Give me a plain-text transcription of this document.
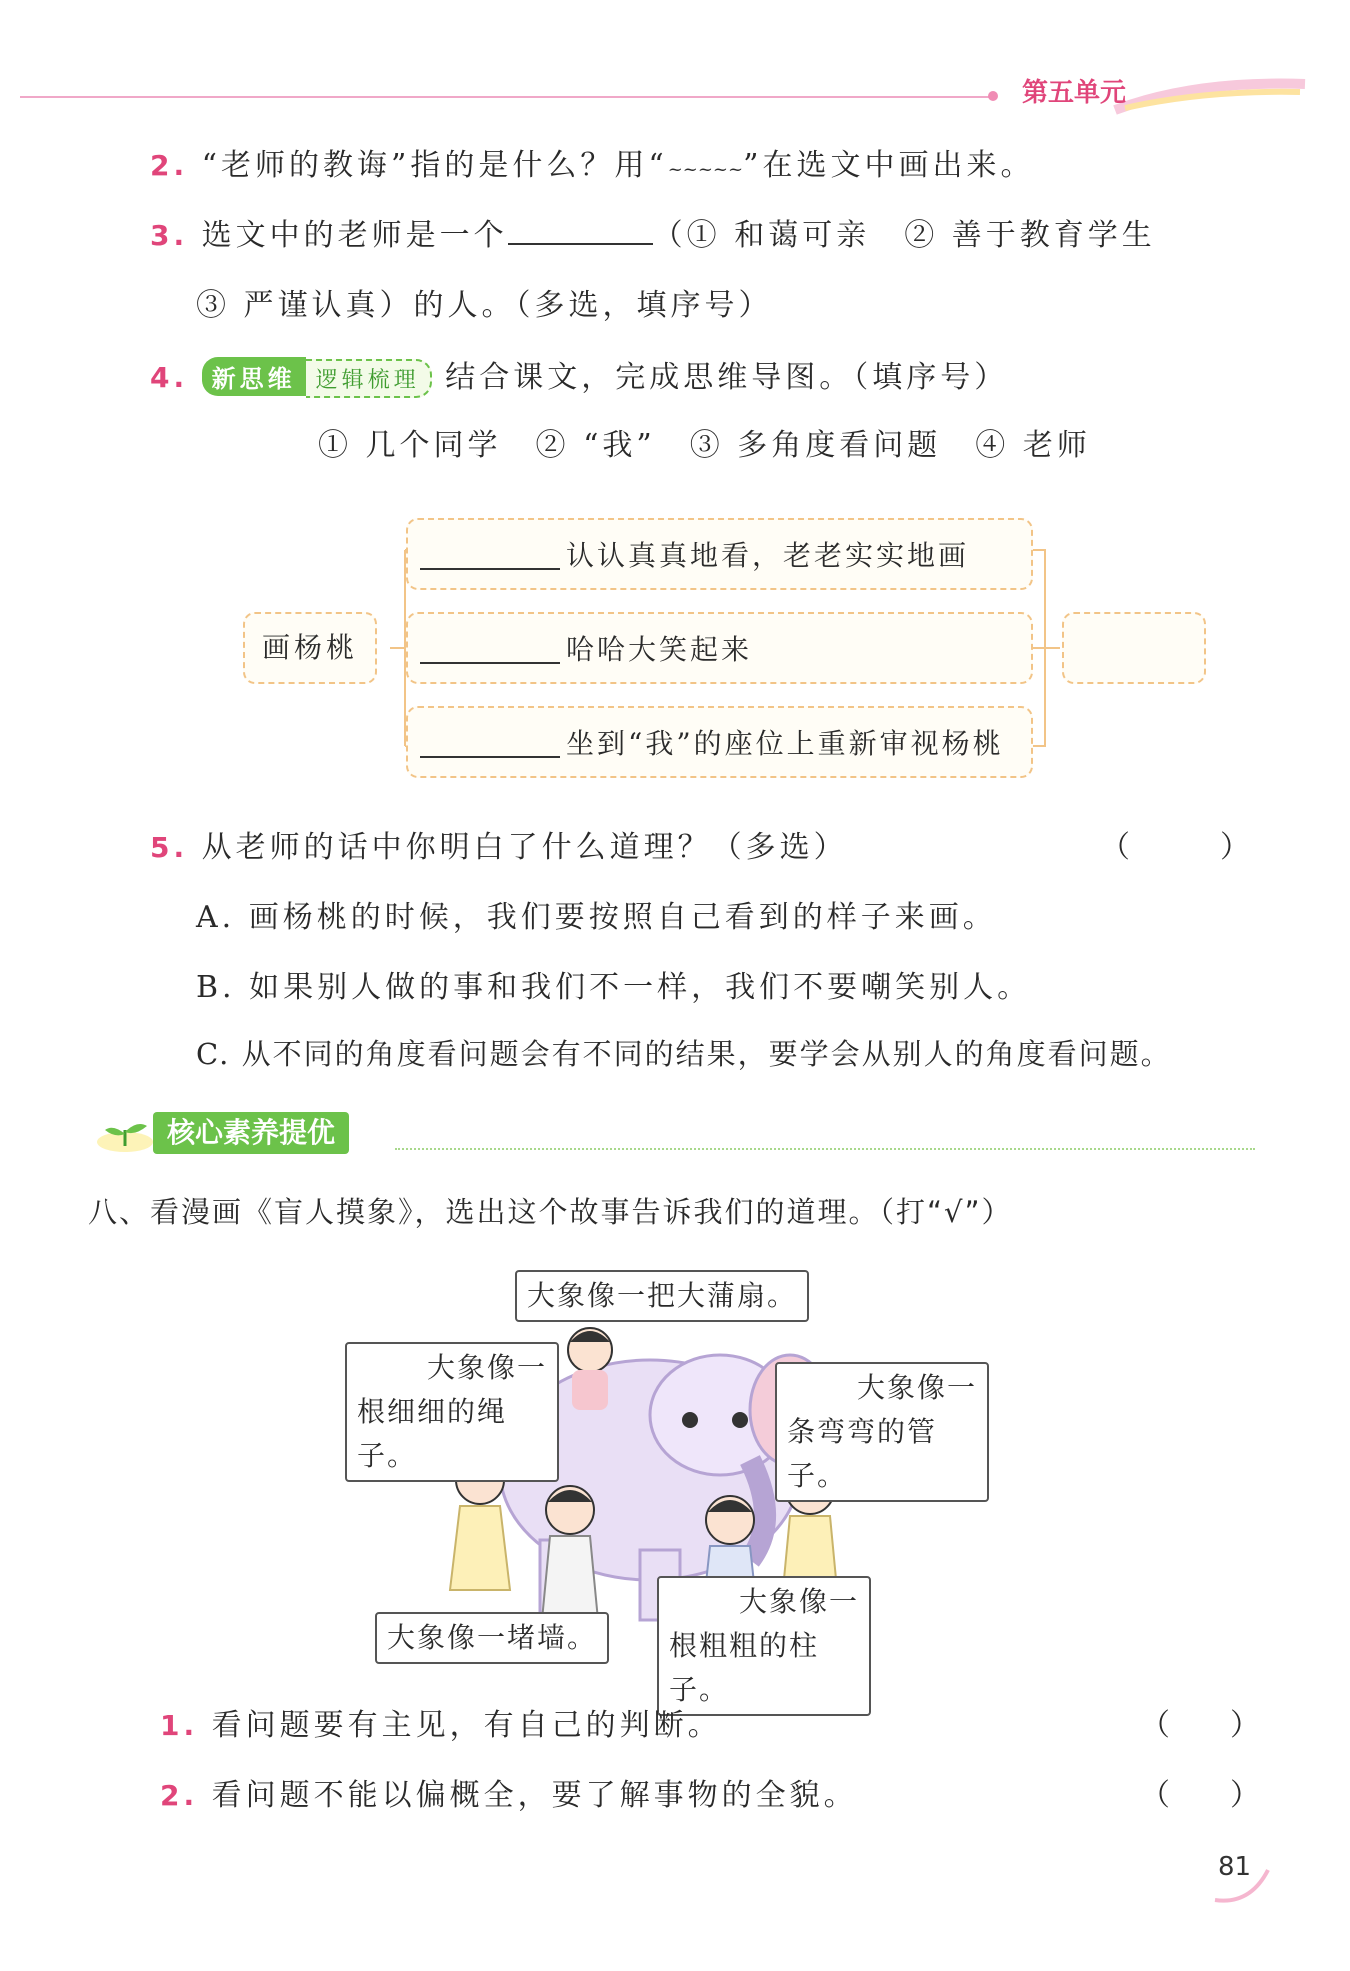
第五单元
2. “老师的教诲”指的是什么？用“~~~~~”在选文中画出来。
3. 选文中的老师是一个	（① 和蔼可亲　② 善于教育学生
③ 严谨认真）的人。（多选，填序号）
4. 新思维 逻辑梳理 结合课文，完成思维导图。（填序号）
① 几个同学　② “我”　③ 多角度看问题　④ 老师
画杨桃
认认真真地看，老老实实地画
哈哈大笑起来
坐到“我”的座位上重新审视杨桃
5. 从老师的话中你明白了什么道理？（多选）	（　　　）
A. 画杨桃的时候，我们要按照自己看到的样子来画。
B. 如果别人做的事和我们不一样，我们不要嘲笑别人。
C. 从不同的角度看问题会有不同的结果，要学会从别人的角度看问题。
核心素养提优
八、看漫画《盲人摸象》，选出这个故事告诉我们的道理。（打“√”）
大象像一把大蒲扇。
大象像一
根细细的绳子。
大象像一
条弯弯的管子。
大象像一堵墙。
大象像一
根粗粗的柱子。
1. 看问题要有主见，有自己的判断。	（　　）
2. 看问题不能以偏概全，要了解事物的全貌。	（　　）
81
